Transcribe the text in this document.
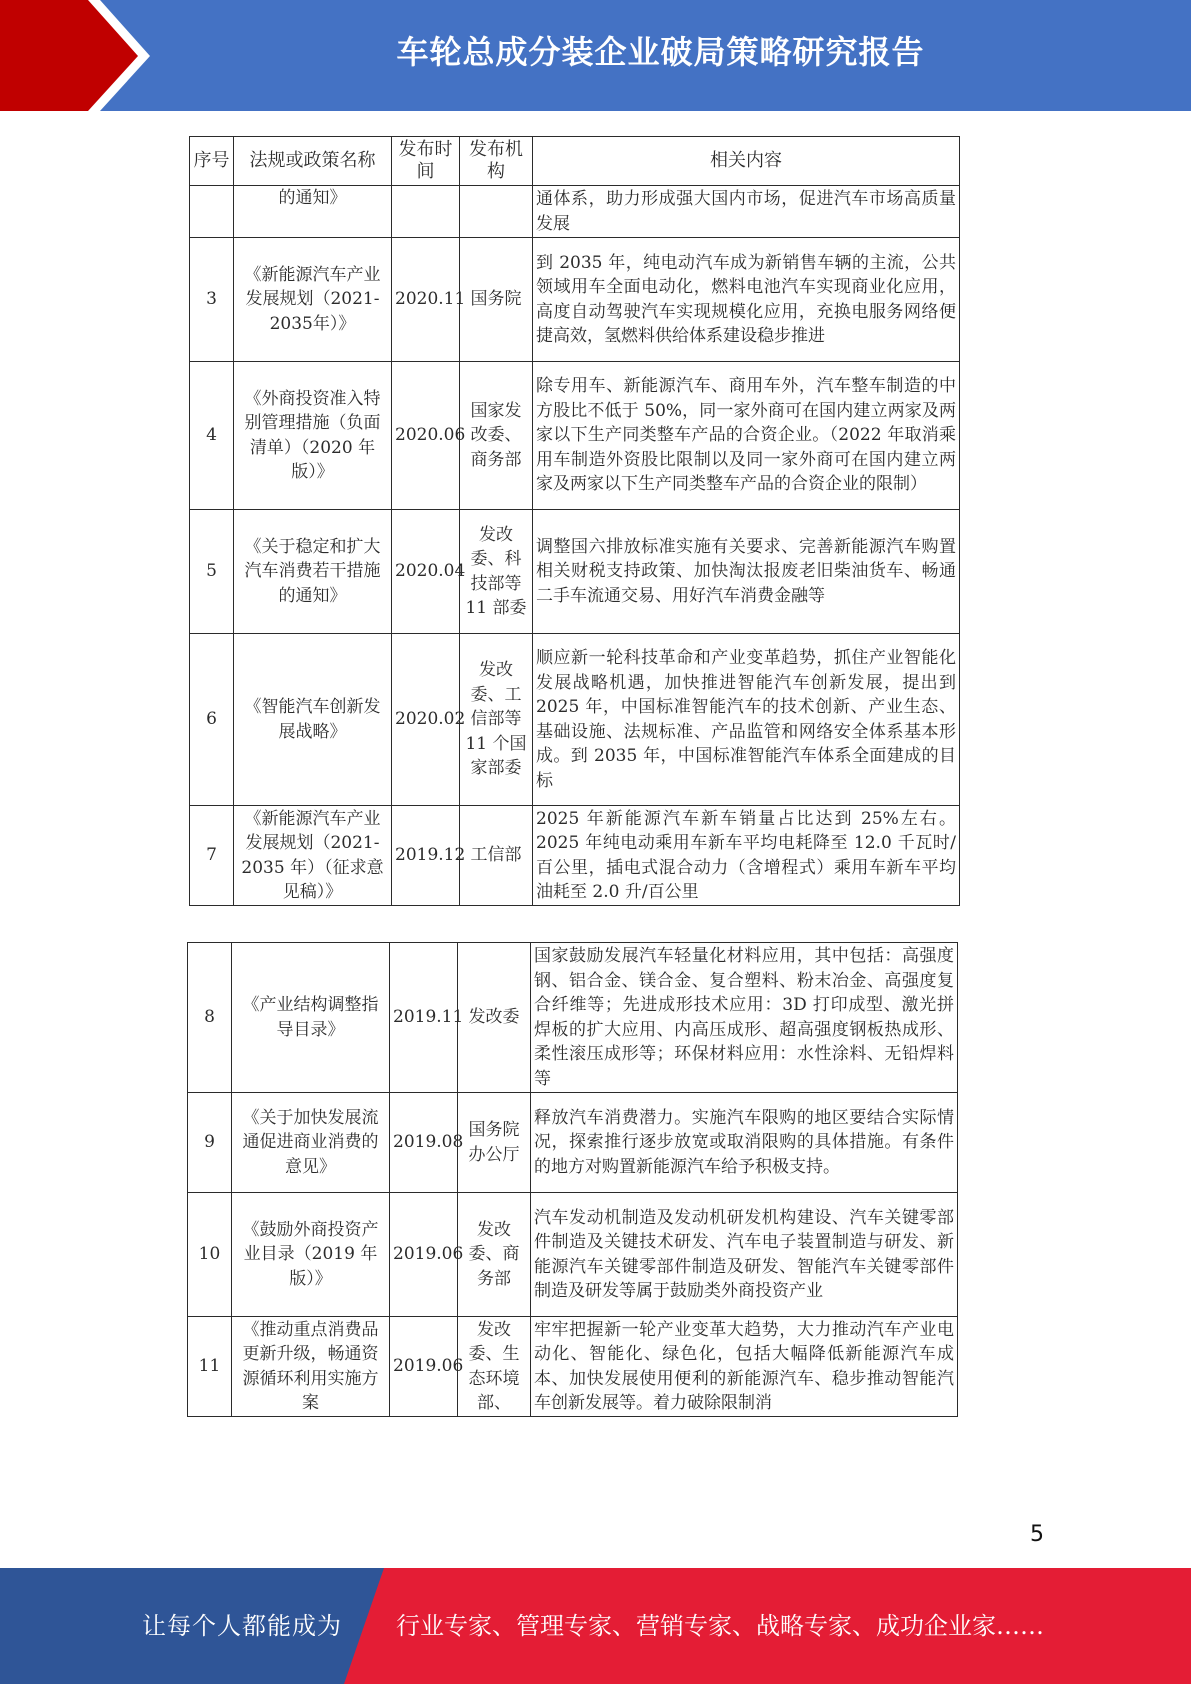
车轮总成分装企业破局策略研究报告
序号	法规或政策名称	发布时间	发布机构	相关内容
	的通知》			通体系，助力形成强大国内市场，促进汽车市场高质量发展
3	《新能源汽车产业发展规划（2021-2035年）》	2020.11	国务院	到 2035 年，纯电动汽车成为新销售车辆的主流，公共领域用车全面电动化，燃料电池汽车实现商业化应用，高度自动驾驶汽车实现规模化应用，充换电服务网络便捷高效，氢燃料供给体系建设稳步推进
4	《外商投资准入特别管理措施（负面清单）（2020 年版）》	2020.06	国家发改委、商务部	除专用车、新能源汽车、商用车外，汽车整车制造的中方股比不低于 50%，同一家外商可在国内建立两家及两家以下生产同类整车产品的合资企业。（2022 年取消乘用车制造外资股比限制以及同一家外商可在国内建立两家及两家以下生产同类整车产品的合资企业的限制）
5	《关于稳定和扩大汽车消费若干措施的通知》	2020.04	发改委、科技部等 11 部委	调整国六排放标准实施有关要求、完善新能源汽车购置相关财税支持政策、加快淘汰报废老旧柴油货车、畅通二手车流通交易、用好汽车消费金融等
6	《智能汽车创新发展战略》	2020.02	发改委、工信部等 11 个国家部委	顺应新一轮科技革命和产业变革趋势，抓住产业智能化发展战略机遇，加快推进智能汽车创新发展，提出到 2025 年，中国标准智能汽车的技术创新、产业生态、基础设施、法规标准、产品监管和网络安全体系基本形成。到 2035 年，中国标准智能汽车体系全面建成的目标
7	《新能源汽车产业发展规划（2021-2035 年）（征求意见稿）》	2019.12	工信部	2025 年新能源汽车新车销量占比达到 25%左右。2025 年纯电动乘用车新车平均电耗降至 12.0 千瓦时/百公里，插电式混合动力（含增程式）乘用车新车平均油耗至 2.0 升/百公里
8	《产业结构调整指导目录》	2019.11	发改委	国家鼓励发展汽车轻量化材料应用，其中包括：高强度钢、铝合金、镁合金、复合塑料、粉末冶金、高强度复合纤维等；先进成形技术应用：3D 打印成型、激光拼焊板的扩大应用、内高压成形、超高强度钢板热成形、柔性滚压成形等；环保材料应用：水性涂料、无铅焊料等
9	《关于加快发展流通促进商业消费的意见》	2019.08	国务院办公厅	释放汽车消费潜力。实施汽车限购的地区要结合实际情况，探索推行逐步放宽或取消限购的具体措施。有条件的地方对购置新能源汽车给予积极支持。
10	《鼓励外商投资产业目录（2019 年版）》	2019.06	发改委、商务部	汽车发动机制造及发动机研发机构建设、汽车关键零部件制造及关键技术研发、汽车电子装置制造与研发、新能源汽车关键零部件制造及研发、智能汽车关键零部件制造及研发等属于鼓励类外商投资产业
11	《推动重点消费品更新升级，畅通资源循环利用实施方案	2019.06	发改委、生态环境部、	牢牢把握新一轮产业变革大趋势，大力推动汽车产业电动化、智能化、绿色化，包括大幅降低新能源汽车成本、加快发展使用便利的新能源汽车、稳步推动智能汽车创新发展等。着力破除限制消
5
让每个人都能成为 行业专家、管理专家、营销专家、战略专家、成功企业家……
